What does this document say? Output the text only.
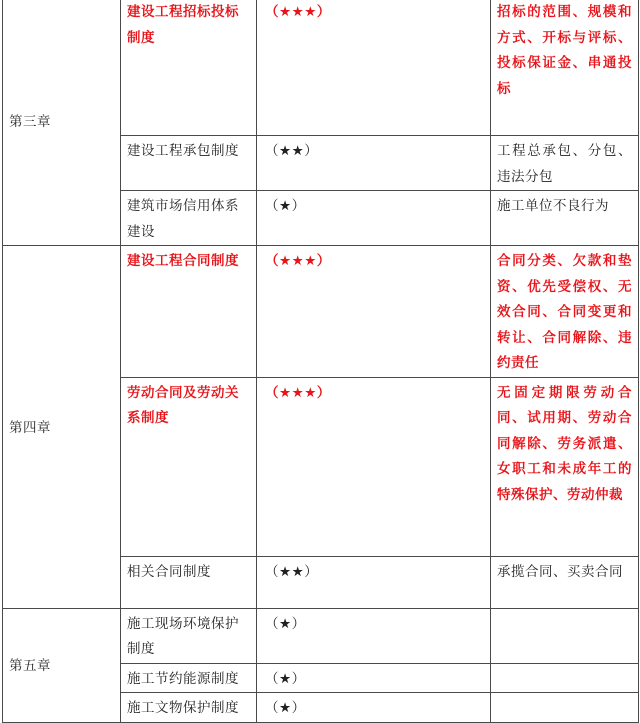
第三章	建设工程招标投标制度	（★★★）	招标的范围、规模和方式、开标与评标、投标保证金、串通投标
	建设工程承包制度	（★★）	工程总承包、分包、违法分包
	建筑市场信用体系建设	（★）	施工单位不良行为
第四章	建设工程合同制度	（★★★）	合同分类、欠款和垫资、优先受偿权、无效合同、合同变更和转让、合同解除、违约责任
	劳动合同及劳动关系制度	（★★★）	无固定期限劳动合同、试用期、劳动合同解除、劳务派遣、女职工和未成年工的特殊保护、劳动仲裁
	相关合同制度	（★★）	承揽合同、买卖合同
第五章	施工现场环境保护制度	（★）	
	施工节约能源制度	（★）	
	施工文物保护制度	（★）	
